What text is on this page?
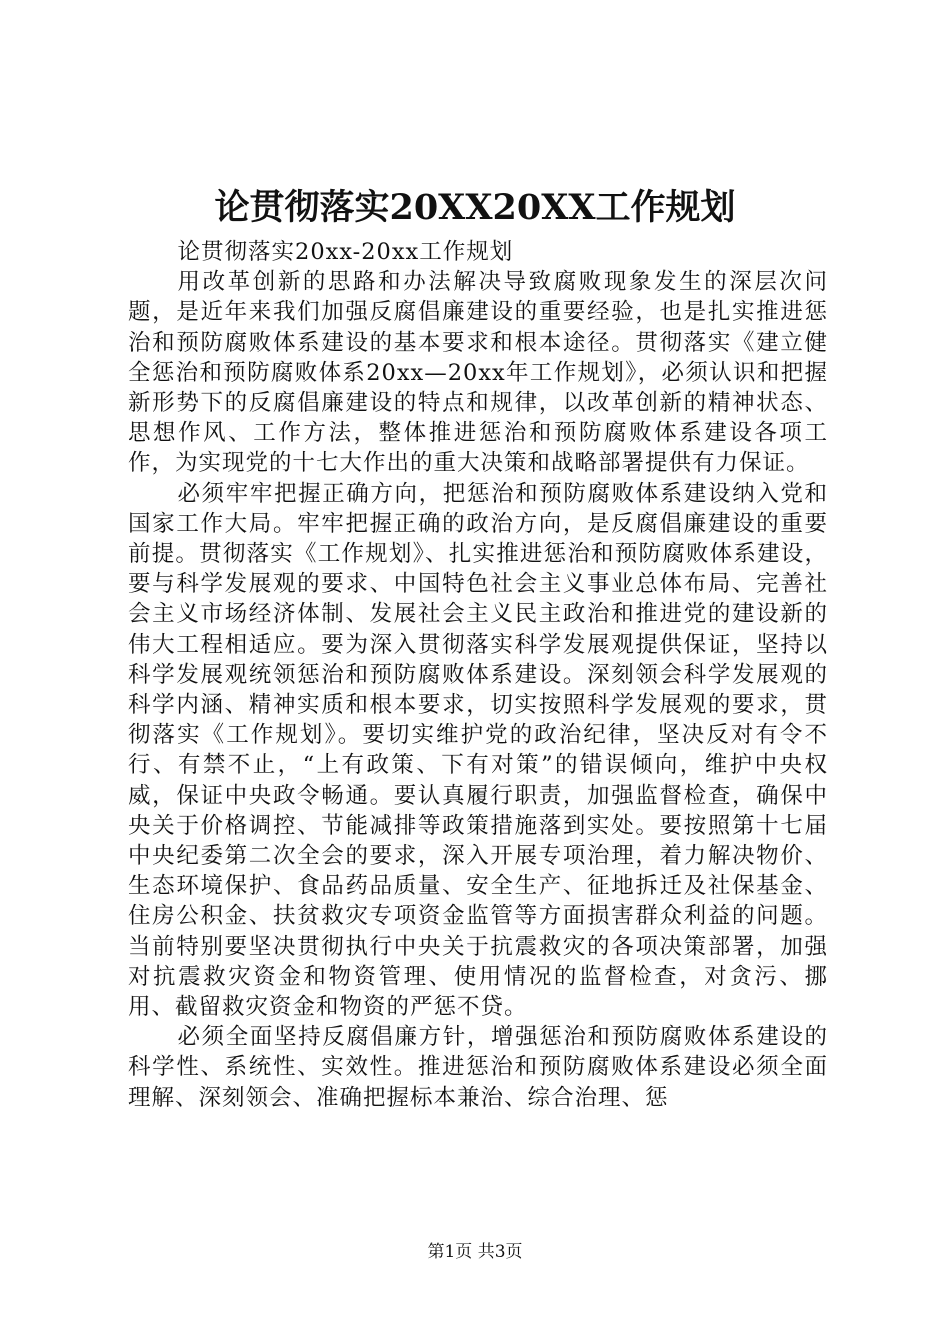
论贯彻落实20XX20XX工作规划

论贯彻落实20xx-20xx工作规划

用改革创新的思路和办法解决导致腐败现象发生的深层次问题，是近年来我们加强反腐倡廉建设的重要经验，也是扎实推进惩治和预防腐败体系建设的基本要求和根本途径。贯彻落实《建立健全惩治和预防腐败体系20xx—20xx年工作规划》，必须认识和把握新形势下的反腐倡廉建设的特点和规律，以改革创新的精神状态、思想作风、工作方法，整体推进惩治和预防腐败体系建设各项工作，为实现党的十七大作出的重大决策和战略部署提供有力保证。

必须牢牢把握正确方向，把惩治和预防腐败体系建设纳入党和国家工作大局。牢牢把握正确的政治方向，是反腐倡廉建设的重要前提。贯彻落实《工作规划》、扎实推进惩治和预防腐败体系建设，要与科学发展观的要求、中国特色社会主义事业总体布局、完善社会主义市场经济体制、发展社会主义民主政治和推进党的建设新的伟大工程相适应。要为深入贯彻落实科学发展观提供保证，坚持以科学发展观统领惩治和预防腐败体系建设。深刻领会科学发展观的科学内涵、精神实质和根本要求，切实按照科学发展观的要求，贯彻落实《工作规划》。要切实维护党的政治纪律，坚决反对有令不行、有禁不止，“上有政策、下有对策”的错误倾向，维护中央权威，保证中央政令畅通。要认真履行职责，加强监督检查，确保中央关于价格调控、节能减排等政策措施落到实处。要按照第十七届中央纪委第二次全会的要求，深入开展专项治理，着力解决物价、生态环境保护、食品药品质量、安全生产、征地拆迁及社保基金、住房公积金、扶贫救灾专项资金监管等方面损害群众利益的问题。当前特别要坚决贯彻执行中央关于抗震救灾的各项决策部署，加强对抗震救灾资金和物资管理、使用情况的监督检查，对贪污、挪用、截留救灾资金和物资的严惩不贷。

必须全面坚持反腐倡廉方针，增强惩治和预防腐败体系建设的科学性、系统性、实效性。推进惩治和预防腐败体系建设必须全面理解、深刻领会、准确把握标本兼治、综合治理、惩

第1页 共3页
